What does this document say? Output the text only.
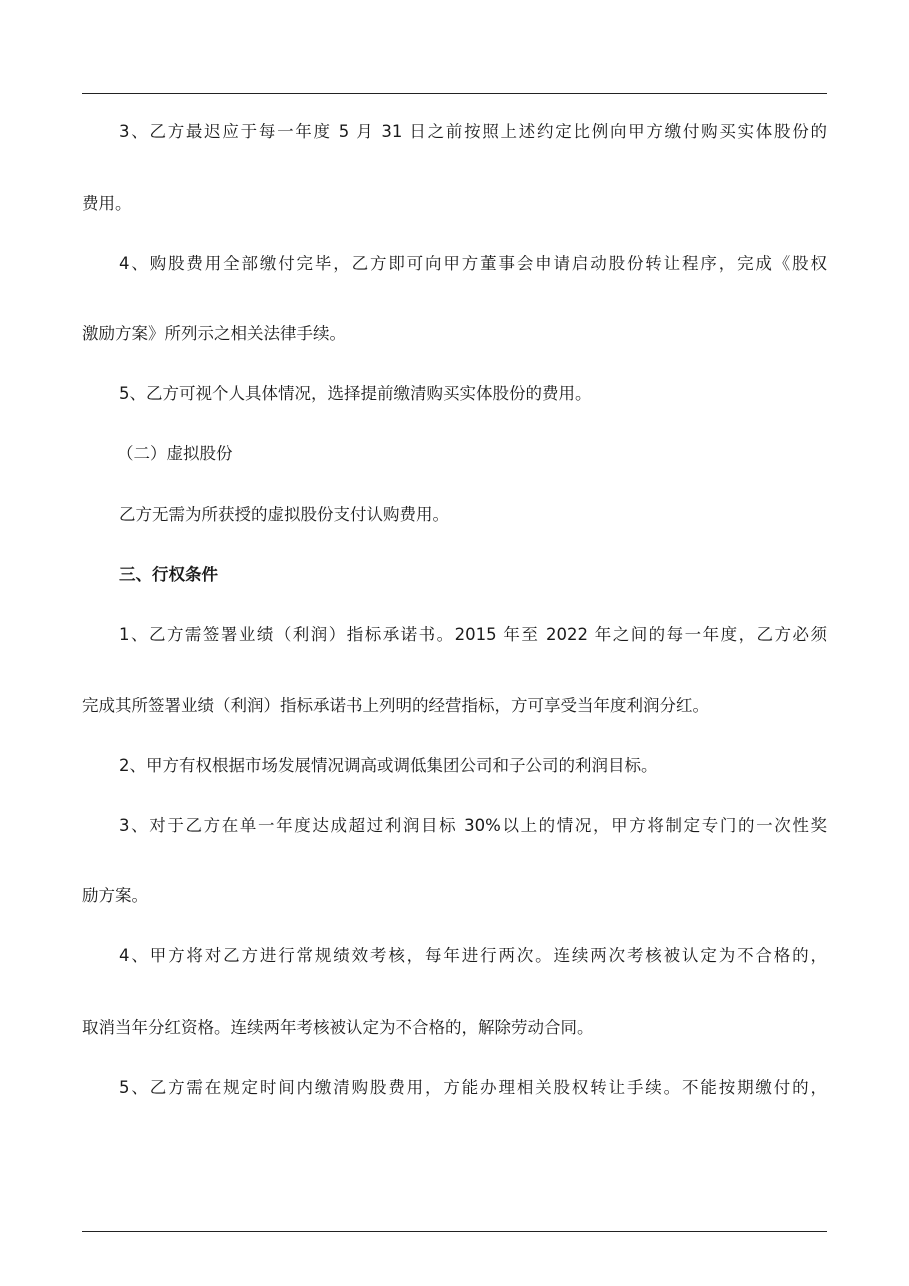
3、乙方最迟应于每一年度 5 月 31 日之前按照上述约定比例向甲方缴付购买实体股份的
费用。
4、购股费用全部缴付完毕，乙方即可向甲方董事会申请启动股份转让程序，完成《股权
激励方案》所列示之相关法律手续。
5、乙方可视个人具体情况，选择提前缴清购买实体股份的费用。
（二）虚拟股份
乙方无需为所获授的虚拟股份支付认购费用。
三、行权条件
1、乙方需签署业绩（利润）指标承诺书。2015 年至 2022 年之间的每一年度，乙方必须
完成其所签署业绩（利润）指标承诺书上列明的经营指标，方可享受当年度利润分红。
2、甲方有权根据市场发展情况调高或调低集团公司和子公司的利润目标。
3、对于乙方在单一年度达成超过利润目标 30%以上的情况，甲方将制定专门的一次性奖
励方案。
4、甲方将对乙方进行常规绩效考核，每年进行两次。连续两次考核被认定为不合格的，
取消当年分红资格。连续两年考核被认定为不合格的，解除劳动合同。
5、乙方需在规定时间内缴清购股费用，方能办理相关股权转让手续。不能按期缴付的，
